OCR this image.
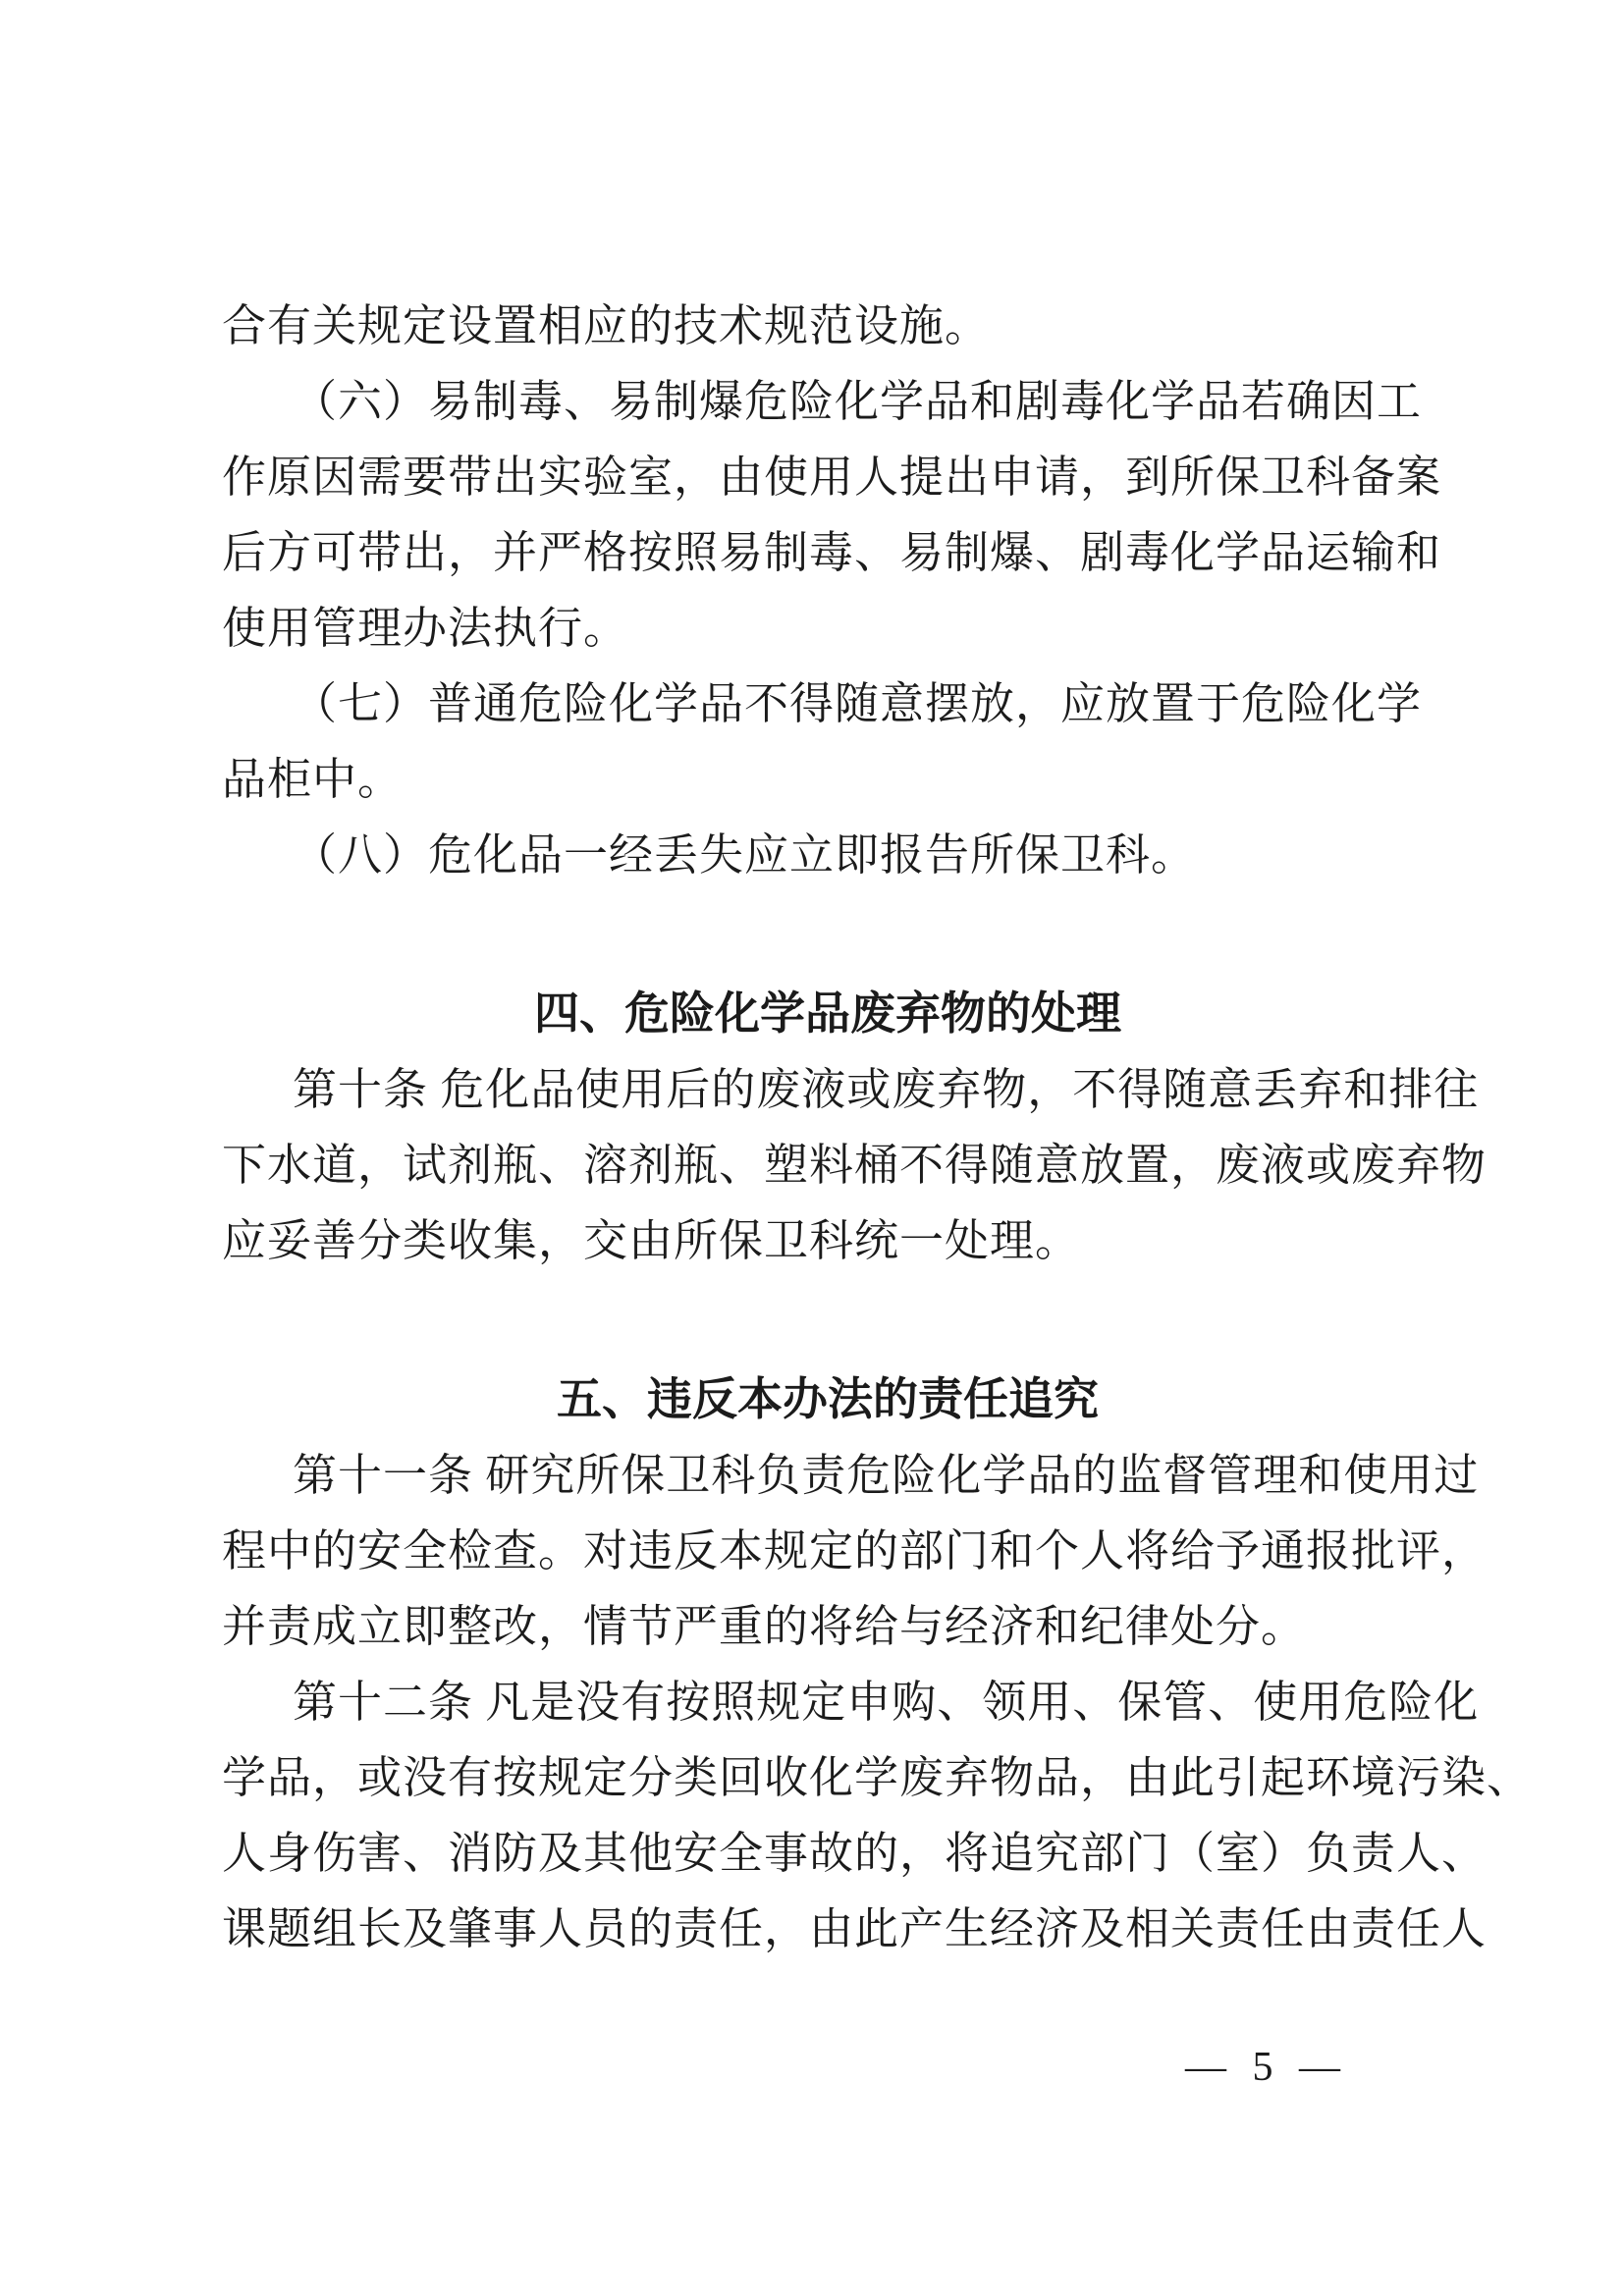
合有关规定设置相应的技术规范设施。
（六）易制毒、易制爆危险化学品和剧毒化学品若确因工
作原因需要带出实验室，由使用人提出申请，到所保卫科备案
后方可带出，并严格按照易制毒、易制爆、剧毒化学品运输和
使用管理办法执行。
（七）普通危险化学品不得随意摆放，应放置于危险化学
品柜中。
（八）危化品一经丢失应立即报告所保卫科。
四、危险化学品废弃物的处理
第十条 危化品使用后的废液或废弃物，不得随意丢弃和排往
下水道，试剂瓶、溶剂瓶、塑料桶不得随意放置，废液或废弃物
应妥善分类收集，交由所保卫科统一处理。
五、违反本办法的责任追究
第十一条 研究所保卫科负责危险化学品的监督管理和使用过
程中的安全检查。对违反本规定的部门和个人将给予通报批评，
并责成立即整改，情节严重的将给与经济和纪律处分。
第十二条 凡是没有按照规定申购、领用、保管、使用危险化
学品，或没有按规定分类回收化学废弃物品，由此引起环境污染、
人身伤害、消防及其他安全事故的，将追究部门（室）负责人、
课题组长及肇事人员的责任，由此产生经济及相关责任由责任人
— 5 —
